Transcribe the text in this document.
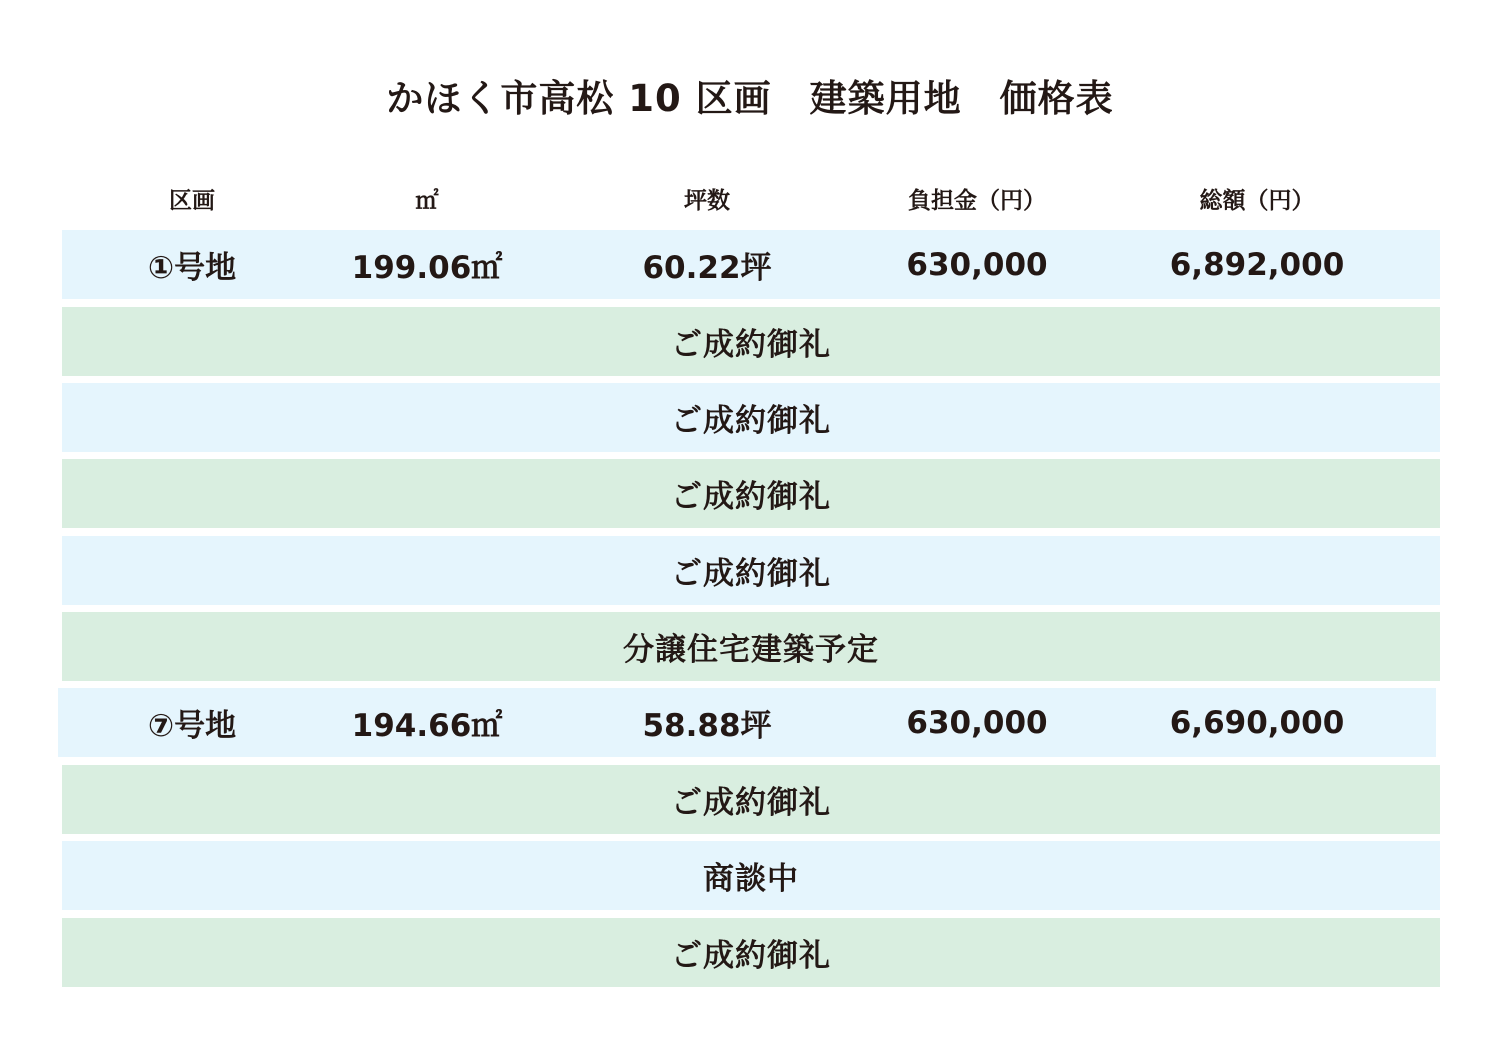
かほく市高松 10 区画　建築用地　価格表
区画	㎡	坪数	負担金（円）	総額（円）
①号地	199.06㎡	60.22坪	630,000	6,892,000
ご成約御礼
ご成約御礼
ご成約御礼
ご成約御礼
分譲住宅建築予定
⑦号地	194.66㎡	58.88坪	630,000	6,690,000
ご成約御礼
商談中
ご成約御礼
